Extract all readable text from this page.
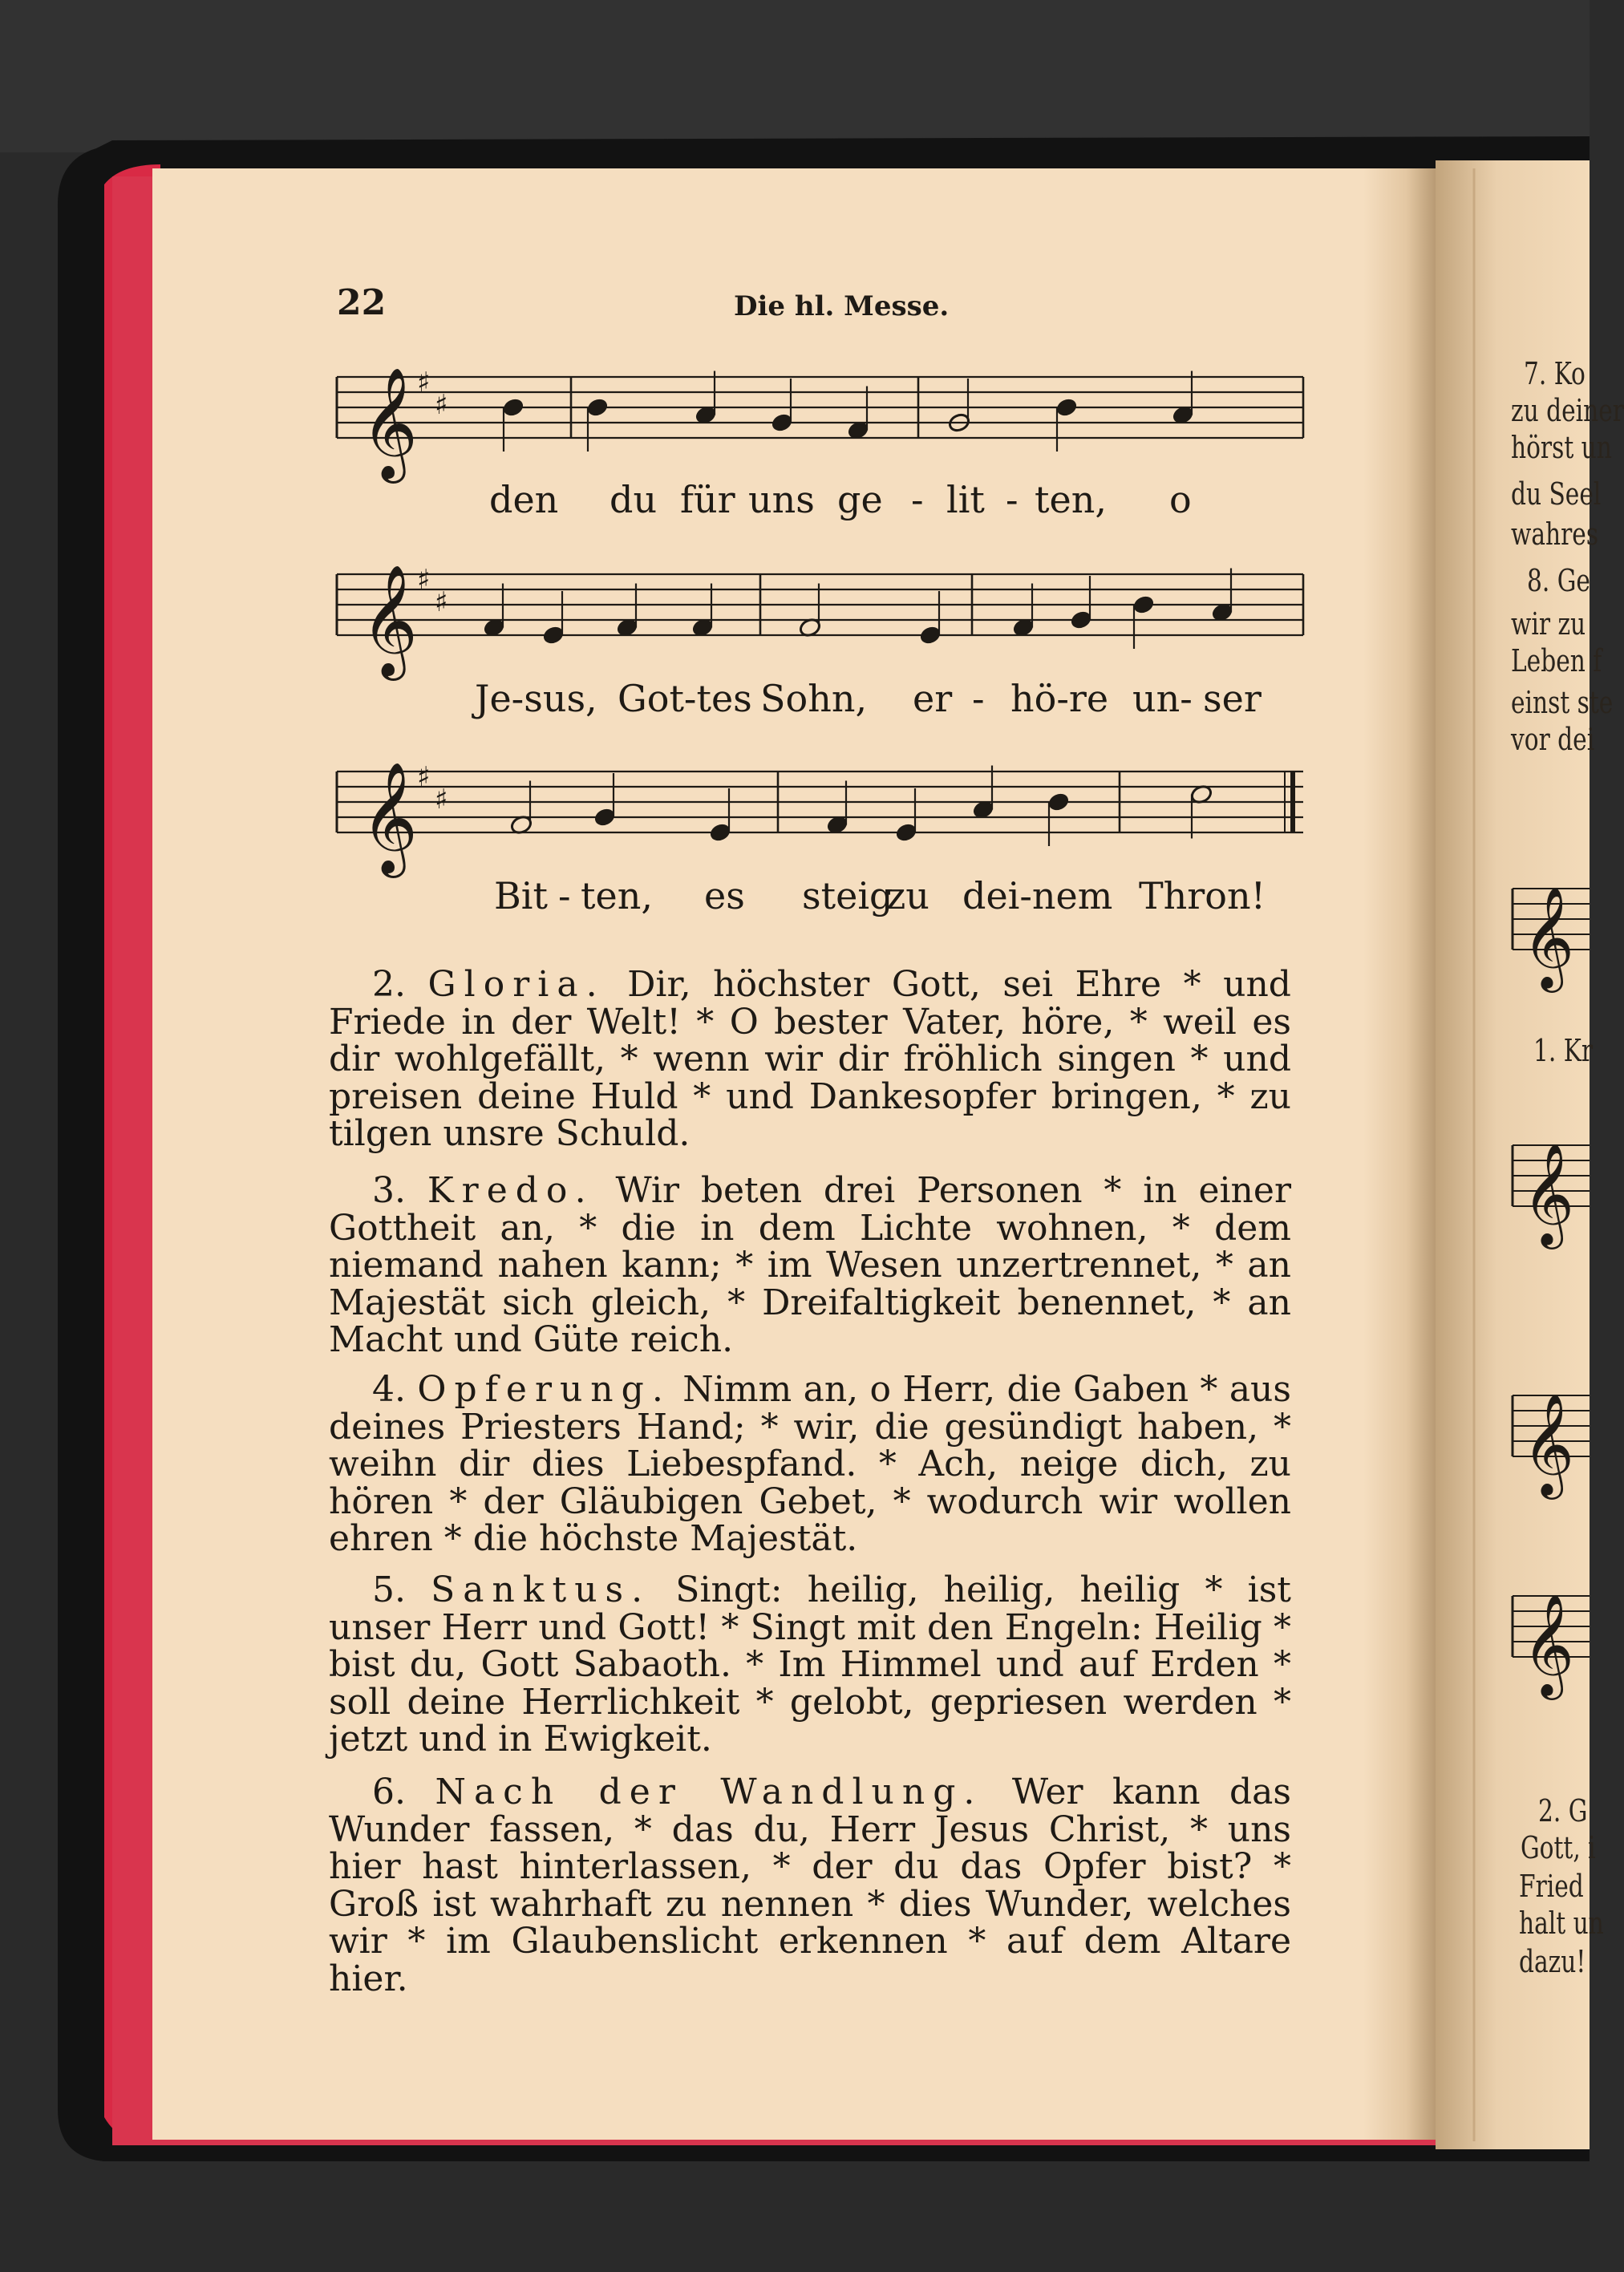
𝄞 ♯
♯
𝄞 ♯
♯
𝄞 ♯
♯
𝄞
𝄞
𝄞
𝄞
22	Die hl. Messe.
den du für uns ge - lit - ten, o
Je-sus, Got-tes Sohn, er - hö-re un- ser
Bit - ten, es steig
zu dei-nem Thron!
2. Gloria. Dir, höchster Gott, sei Ehre * und Friede in der Welt! * O bester Vater, höre, * weil es dir wohlgefällt, * wenn wir dir fröhlich singen * und preisen deine Huld * und Dankesopfer bringen, * zu tilgen unsre Schuld.
3. Kredo. Wir beten drei Personen * in einer Gottheit an, * die in dem Lichte wohnen, * dem niemand nahen kann; * im Wesen unzertrennet, * an Majestät sich gleich, * Dreifaltigkeit benennet, * an Macht und Güte reich.
4. Opferung. Nimm an, o Herr, die Gaben * aus deines Priesters Hand; * wir, die gesündigt haben, * weihn dir dies Liebespfand. * Ach, neige dich, zu hören * der Gläubigen Gebet, * wodurch wir wollen ehren * die höchste Majestät.
5. Sanktus. Singt: heilig, heilig, heilig * ist unser Herr und Gott! * Singt mit den Engeln: Heilig * bist du, Gott Sabaoth. * Im Himmel und auf Erden * soll deine Herrlichkeit * gelobt, gepriesen werden * jetzt und in Ewigkeit.
6. Nach der Wandlung. Wer kann das Wunder fassen, * das du, Herr Jesus Christ, * uns hier hast hinterlassen, * der du das Opfer bist? * Groß ist wahrhaft zu nennen * dies Wunder, welches wir * im Glaubenslicht erkennen * auf dem Altare hier.
7. Ko
zu deiner
hörst un
du Seel
wahres
8. Ge
wir zu
Leben f
einst ste
vor dei
1. Kr
2. G
Gott, i
Fried
halt un
dazu!
